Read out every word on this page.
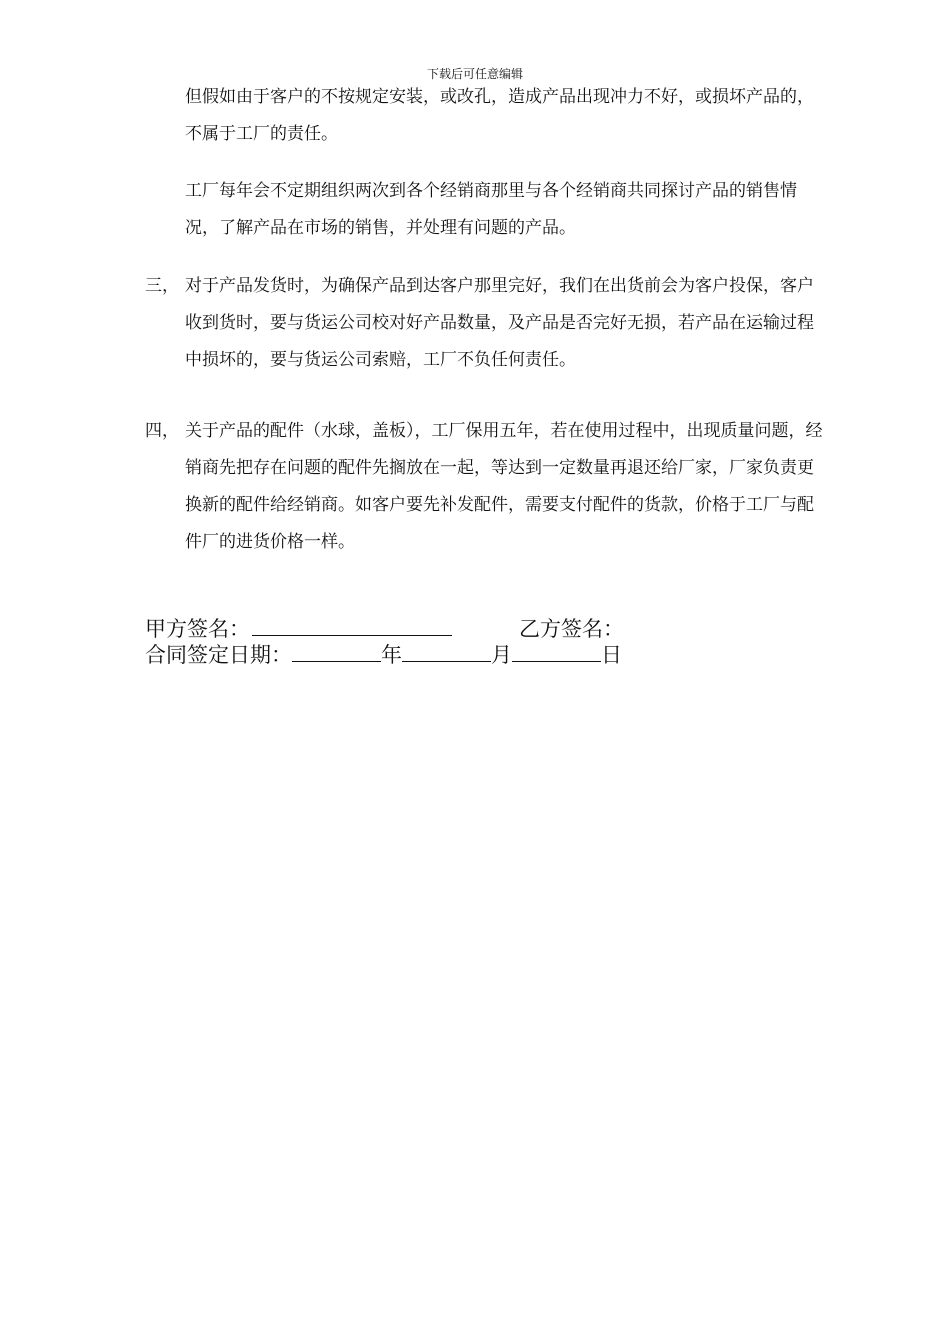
下载后可任意编辑

但假如由于客户的不按规定安装，或改孔，造成产品出现冲力不好，或损坏产品的，不属于工厂的责任。

工厂每年会不定期组织两次到各个经销商那里与各个经销商共同探讨产品的销售情况，了解产品在市场的销售，并处理有问题的产品。

三， 对于产品发货时，为确保产品到达客户那里完好，我们在出货前会为客户投保，客户收到货时，要与货运公司校对好产品数量，及产品是否完好无损，若产品在运输过程中损坏的，要与货运公司索赔，工厂不负任何责任。
四， 关于产品的配件（水球，盖板），工厂保用五年，若在使用过程中，出现质量问题，经销商先把存在问题的配件先搁放在一起，等达到一定数量再退还给厂家，厂家负责更换新的配件给经销商。如客户要先补发配件，需要支付配件的货款，价格于工厂与配件厂的进货价格一样。
甲方签名：	乙方签名：
合同签定日期：	年	月	日
